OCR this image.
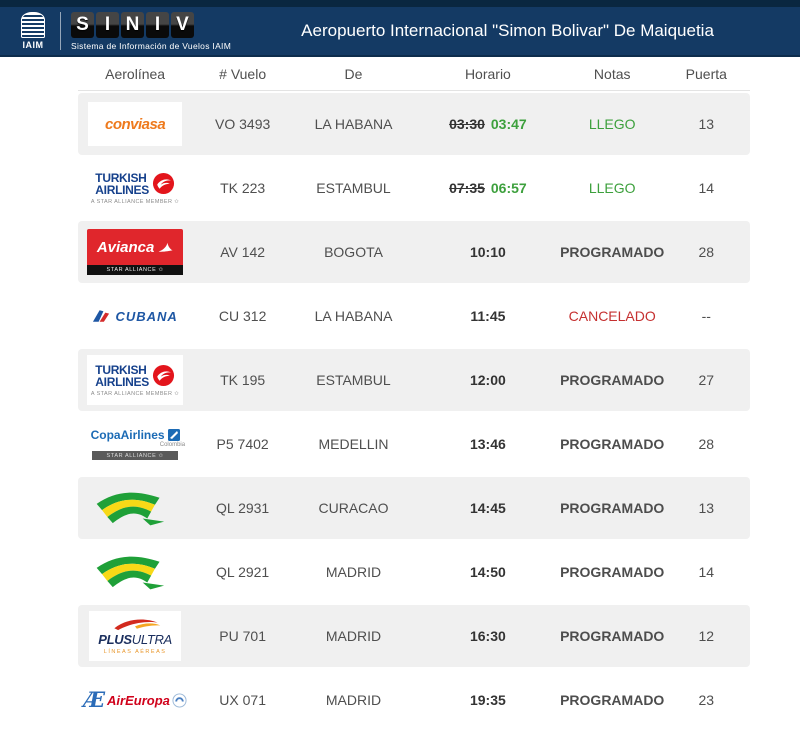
IAIM
S I N I V
Sistema de Información de Vuelos IAIM
Aeropuerto Internacional "Simon Bolivar" De Maiquetia
Aerolínea	# Vuelo	De	Horario	Notas	Puerta
conviasa	VO 3493	LA HABANA	03:30 03:47	LLEGO	13
TURKISH
AIRLINES
A STAR ALLIANCE MEMBER ✩
TK 223	ESTAMBUL	07:35 06:57	LLEGO	14
Avianca
STAR ALLIANCE ✩
AV 142	BOGOTA	10:10	PROGRAMADO	28
CUBANA	CU 312	LA HABANA	11:45	CANCELADO	--
TURKISH
AIRLINES
A STAR ALLIANCE MEMBER ✩
TK 195	ESTAMBUL	12:00	PROGRAMADO	27
CopaAirlines
Colombia
STAR ALLIANCE ✩
P5 7402	MEDELLIN	13:46	PROGRAMADO	28
QL 2931	CURACAO	14:45	PROGRAMADO	13
QL 2921	MADRID	14:50	PROGRAMADO	14
PLUSULTRA
LÍNEAS AÉREAS
PU 701	MADRID	16:30	PROGRAMADO	12
Æ AirEuropa	UX 071	MADRID	19:35	PROGRAMADO	23
